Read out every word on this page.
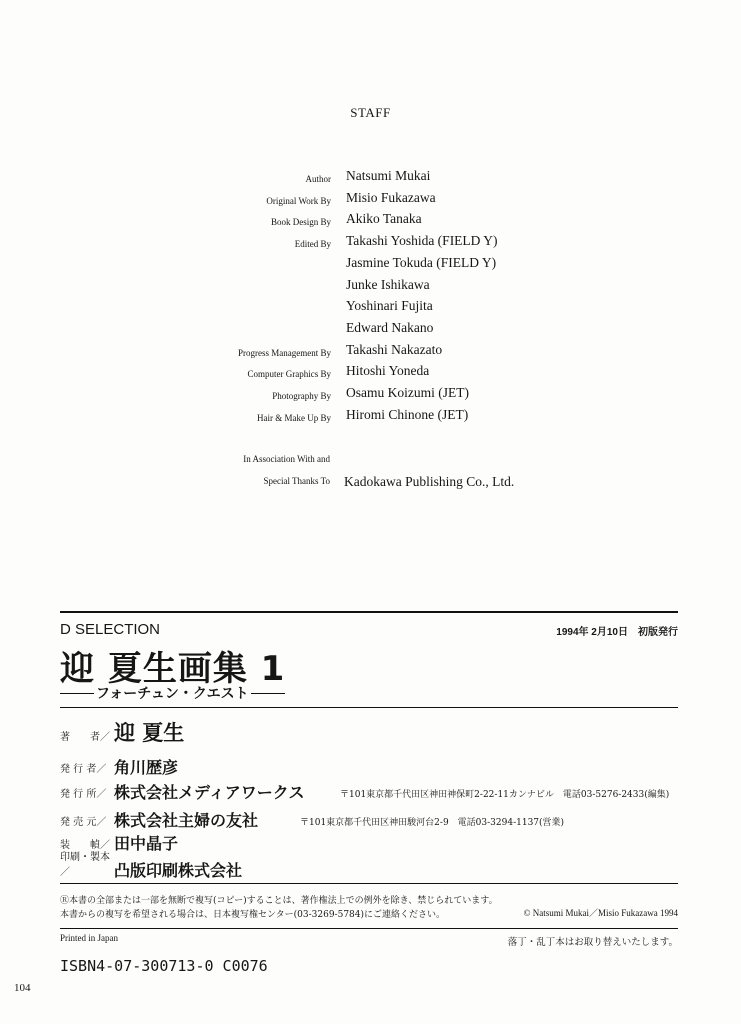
STAFF
Author Natsumi Mukai
Original Work By Misio Fukazawa
Book Design By Akiko Tanaka
Edited By Takashi Yoshida (FIELD Y)
Jasmine Tokuda (FIELD Y)
Junke Ishikawa
Yoshinari Fujita
Edward Nakano
Progress Management By Takashi Nakazato
Computer Graphics By Hitoshi Yoneda
Photography By Osamu Koizumi (JET)
Hair & Make Up By Hiromi Chinone (JET)
In Association With and
Special Thanks To Kadokawa Publishing Co., Ltd.
D SELECTION	1994年 2月10日　初版発行
迎 夏生画集 1
フォーチュン・クエスト
著　　者／ 迎 夏生
発 行 者／ 角川歴彦
発 行 所／ 株式会社メディアワークス	〒101東京都千代田区神田神保町2-22-11カンナビル　電話03-5276-2433(編集)
発 売 元／ 株式会社主婦の友社	〒101東京都千代田区神田駿河台2-9　電話03-3294-1137(営業)
装　　幀／ 田中晶子
印刷・製本／	凸版印刷株式会社
Ⓡ本書の全部または一部を無断で複写(コピー)することは、著作権法上での例外を除き、禁じられています。
本書からの複写を希望される場合は、日本複写権センター(03-3269-5784)にご連絡ください。	© Natsumi Mukai／Misio Fukazawa 1994
Printed in Japan	落丁・乱丁本はお取り替えいたします。
ISBN4-07-300713-0 C0076
104
